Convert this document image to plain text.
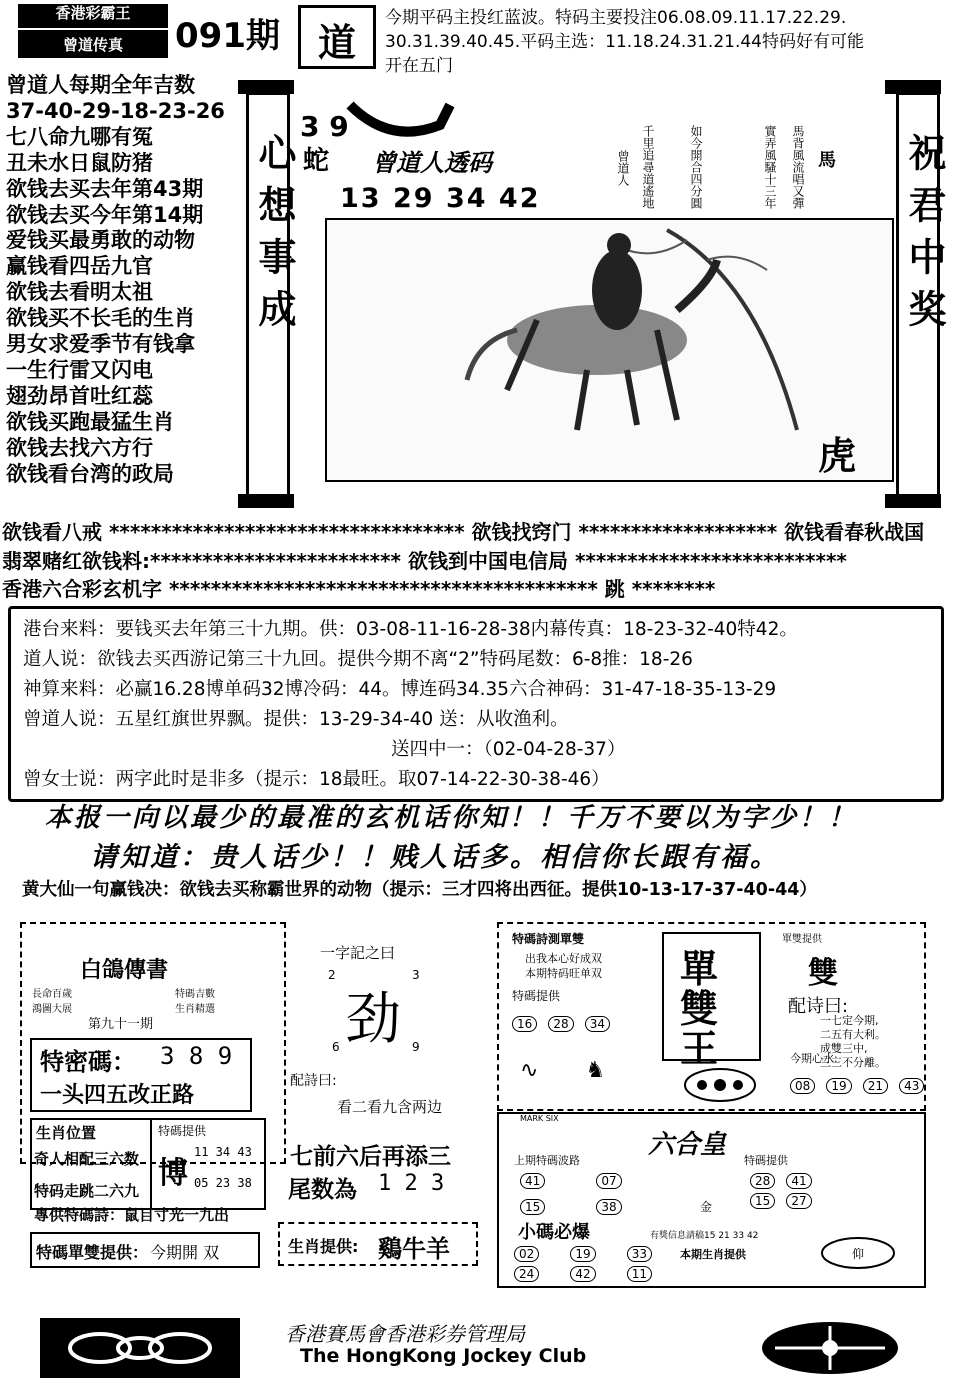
香港彩霸王
曾道传真	091期	道
今期平码主投红蓝波。特码主要投注06.08.09.11.17.22.29.
30.31.39.40.45.平码主选：11.18.24.31.21.44特码好有可能
开在五门
曾道人每期全年吉数
37-40-29-18-23-26
七八命九哪有冤
丑未水日鼠防猪
欲钱去买去年第43期
欲钱去买今年第14期
爱钱买最勇敢的动物
赢钱看四岳九官
欲钱去看明太祖
欲钱买不长毛的生肖
男女求爱季节有钱拿
一生行雷又闪电
翅劲昂首吐红蕊
欲钱买跑最猛生肖
欲钱去找六方行
欲钱看台湾的政局
心想事成	祝君中奖
3 9
蛇 曾道人透码
13 29 34 42	馬背風流唱又彈
實弄風騷十三年
如今開合四分圓
千里追尋道遙地
曾道人	馬
虎
欲钱看八戒 ********************************** 欲钱找窍门 ******************* 欲钱看春秋战国
翡翠赌红欲钱料:************************ 欲钱到中国电信局 **************************
香港六合彩玄机字 ***************************************** 跳 ********
港台来料：要钱买去年第三十九期。供：03-08-11-16-28-38内幕传真：18-23-32-40特42。
道人说：欲钱去买西游记第三十九回。提供今期不离“2”特码尾数：6-8推：18-26
神算来料：必赢16.28博单码32博冷码：44。博连码34.35六合神码：31-47-18-35-13-29
曾道人说：五星红旗世界飘。提供：13-29-34-40 送：从收渔利。
送四中一：（02-04-28-37）
曾女士说：两字此时是非多（提示：18最旺。取07-14-22-30-38-46）
本报一向以最少的最准的玄机话你知！！千万不要以为字少！！
请知道：贵人话少！！贱人话多。相信你长跟有福。
黄大仙一句赢钱决：欲钱去买称霸世界的动物（提示：三才四将出西征。提供10-13-17-37-40-44）
白鴿傳書
長命百歲 鴻圖大展
特碼吉數 生肖精選
第九十一期
特密碼： 3 8 9
一头四五改正路
生肖位置
奇人相配三六数
特码走跳二六九
特碼提供
博
11 34 43
05 23 38
專供特碼詩：鼠目寸光一九出
特碼單雙提供： 今期開 双
一字記之曰
2	3
劲
6	9
配詩曰:
看二看九含两边
七前六后再添三
尾数為 1 2 3
生肖提供: 鷄牛羊
特碼詩測單雙
出我本心好成双
本期特码旺单双
特碼提供
16 28 34
∿ ♞
單
雙
王
單雙提供
雙
配诗曰:
一七定今期,
二五有大利。
成雙三中,
三三不分離。
今期心水:
08 19 21 43
MARK SIX
六合皇
上期特碼波路
41	07
15	38	金
特碼提供
28 41
15 27
小碼必爆	有獎信息請稿15 21 33 42
02	19	33
24	42	11
本期生肖提供	仰
香港賽馬會香港彩券管理局
The HongKong Jockey Club
